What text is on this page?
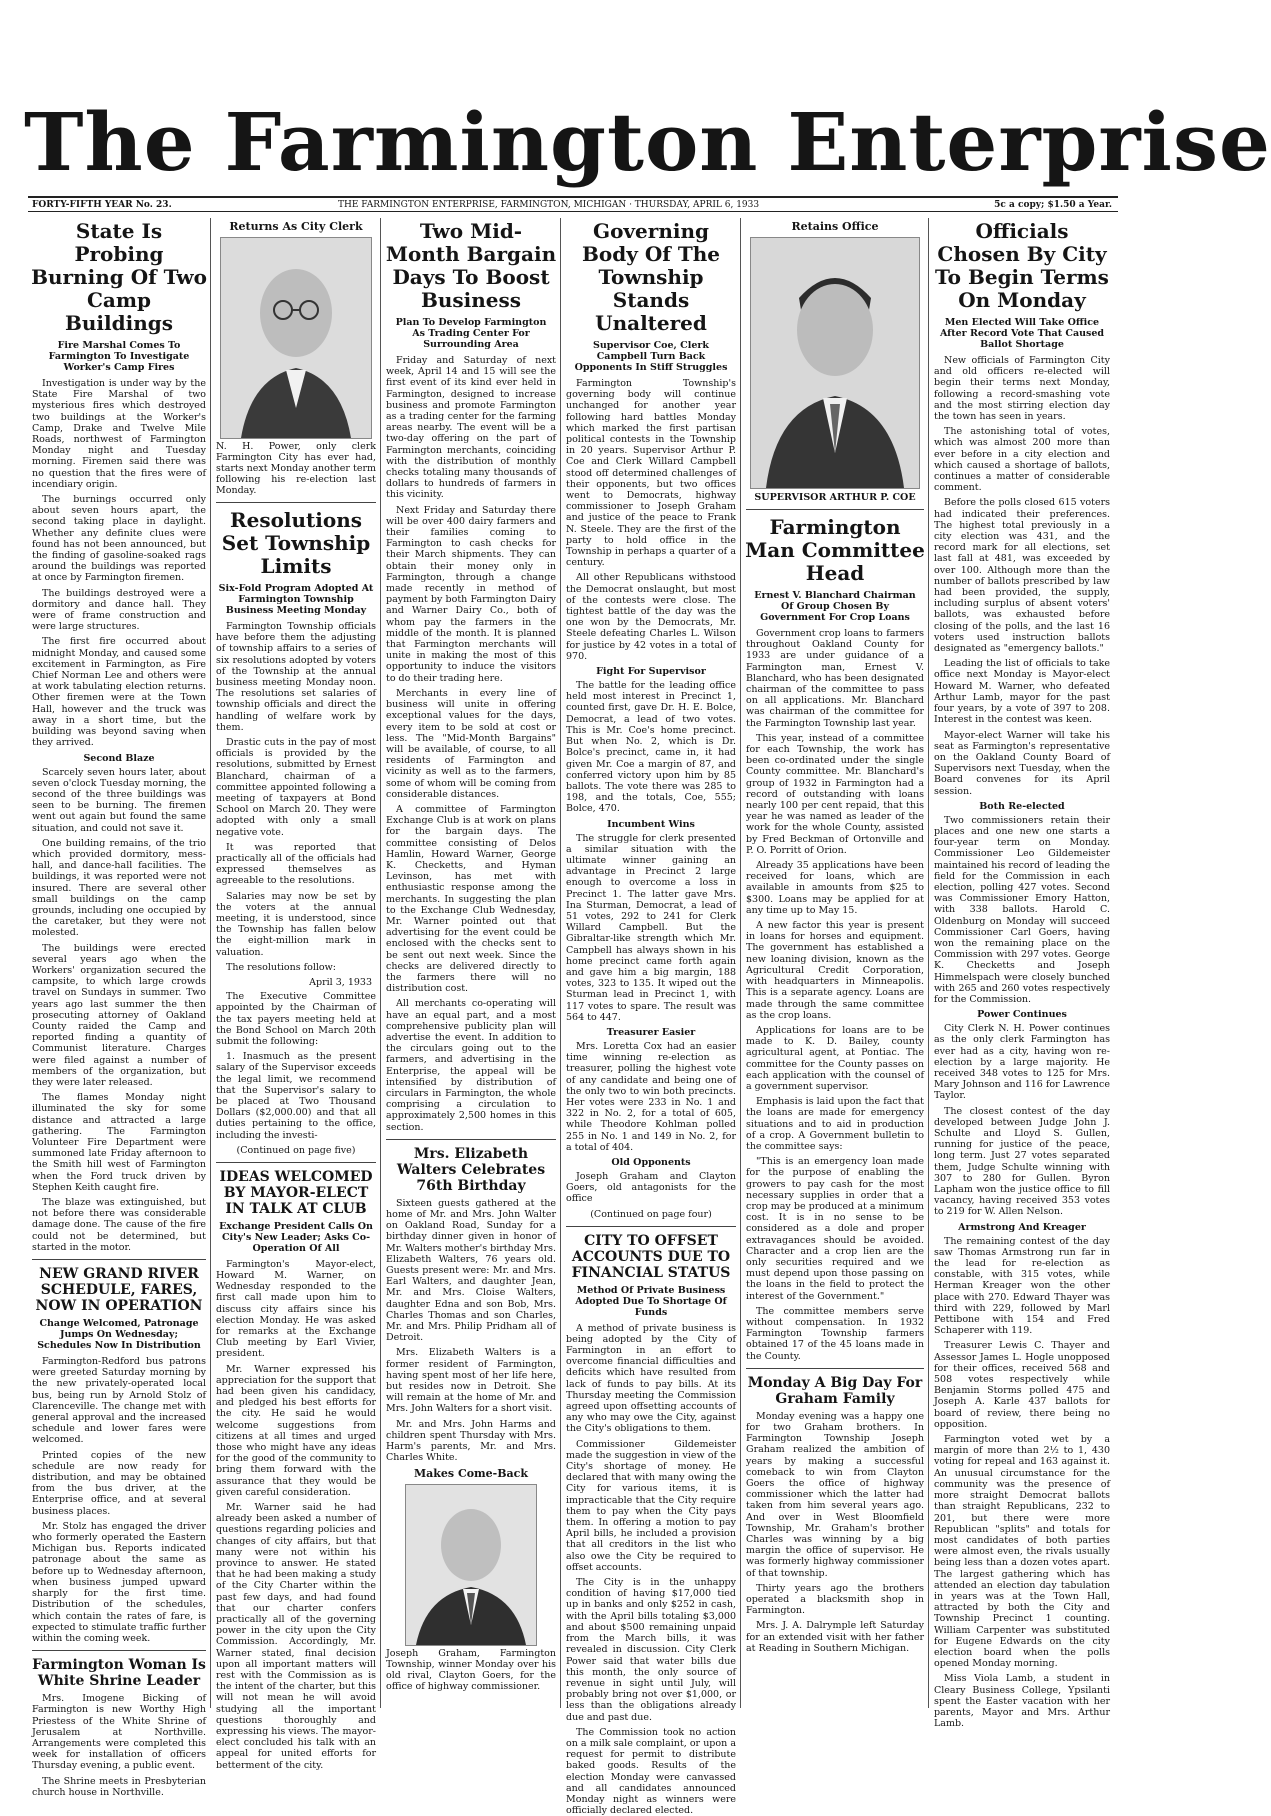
The Farmington Enterprise
FORTY-FIFTH YEAR No. 23.	THE FARMINGTON ENTERPRISE, FARMINGTON, MICHIGAN · THURSDAY, APRIL 6, 1933	5c a copy; $1.50 a Year.
State Is Probing Burning Of Two Camp Buildings
Fire Marshal Comes To Farmington To Investigate Worker's Camp Fires

Investigation is under way by the State Fire Marshal of two mysterious fires which destroyed two buildings at the Worker's Camp, Drake and Twelve Mile Roads, northwest of Farmington Monday night and Tuesday morning. Firemen said there was no question that the fires were of incendiary origin.

The burnings occurred only about seven hours apart, the second taking place in daylight. Whether any definite clues were found has not been announced, but the finding of gasoline-soaked rags around the buildings was reported at once by Farmington firemen.

The buildings destroyed were a dormitory and dance hall. They were of frame construction and were large structures.

The first fire occurred about midnight Monday, and caused some excitement in Farmington, as Fire Chief Norman Lee and others were at work tabulating election returns. Other firemen were at the Town Hall, however and the truck was away in a short time, but the building was beyond saving when they arrived.

Second Blaze

Scarcely seven hours later, about seven o'clock Tuesday morning, the second of the three buildings was seen to be burning. The firemen went out again but found the same situation, and could not save it.

One building remains, of the trio which provided dormitory, mess-hall, and dance-hall facilities. The buildings, it was reported were not insured. There are several other small buildings on the camp grounds, including one occupied by the caretaker, but they were not molested.

The buildings were erected several years ago when the Workers' organization secured the campsite, to which large crowds travel on Sundays in summer. Two years ago last summer the then prosecuting attorney of Oakland County raided the Camp and reported finding a quantity of Communist literature. Charges were filed against a number of members of the organization, but they were later released.

The flames Monday night illuminated the sky for some distance and attracted a large gathering. The Farmington Volunteer Fire Department were summoned late Friday afternoon to the Smith hill west of Farmington when the Ford truck driven by Stephen Keith caught fire.

The blaze was extinguished, but not before there was considerable damage done. The cause of the fire could not be determined, but started in the motor.

NEW GRAND RIVER SCHEDULE, FARES, NOW IN OPERATION
Change Welcomed, Patronage Jumps On Wednesday; Schedules Now In Distribution

Farmington-Redford bus patrons were greeted Saturday morning by the new privately-operated local bus, being run by Arnold Stolz of Clarenceville. The change met with general approval and the increased schedule and lower fares were welcomed.

Printed copies of the new schedule are now ready for distribution, and may be obtained from the bus driver, at the Enterprise office, and at several business places.

Mr. Stolz has engaged the driver who formerly operated the Eastern Michigan bus. Reports indicated patronage about the same as before up to Wednesday afternoon, when business jumped upward sharply for the first time. Distribution of the schedules, which contain the rates of fare, is expected to stimulate traffic further within the coming week.

Farmington Woman Is White Shrine Leader

Mrs. Imogene Bicking of Farmington is new Worthy High Priestess of the White Shrine of Jerusalem at Northville. Arrangements were completed this week for installation of officers Thursday evening, a public event.

The Shrine meets in Presbyterian church house in Northville.

Returns As City Clerk

N. H. Power, only clerk Farmington City has ever had, starts next Monday another term following his re-election last Monday.

Resolutions Set Township Limits
Six-Fold Program Adopted At Farmington Township Business Meeting Monday

Farmington Township officials have before them the adjusting of township affairs to a series of six resolutions adopted by voters of the Township at the annual business meeting Monday noon. The resolutions set salaries of township officials and direct the handling of welfare work by them.

Drastic cuts in the pay of most officials is provided by the resolutions, submitted by Ernest Blanchard, chairman of a committee appointed following a meeting of taxpayers at Bond School on March 20. They were adopted with only a small negative vote.

It was reported that practically all of the officials had expressed themselves as agreeable to the resolutions.

Salaries may now be set by the voters at the annual meeting, it is understood, since the Township has fallen below the eight-million mark in valuation.

The resolutions follow:

April 3, 1933

The Executive Committee appointed by the Chairman of the tax payers meeting held at the Bond School on March 20th submit the following:

1. Inasmuch as the present salary of the Supervisor exceeds the legal limit, we recommend that the Supervisor's salary to be placed at Two Thousand Dollars ($2,000.00) and that all duties pertaining to the office, including the investi-

(Continued on page five)
IDEAS WELCOMED BY MAYOR-ELECT IN TALK AT CLUB
Exchange President Calls On City's New Leader; Asks Co-Operation Of All

Farmington's Mayor-elect, Howard M. Warner, on Wednesday responded to the first call made upon him to discuss city affairs since his election Monday. He was asked for remarks at the Exchange Club meeting by Earl Vivier, president.

Mr. Warner expressed his appreciation for the support that had been given his candidacy, and pledged his best efforts for the city. He said he would welcome suggestions from citizens at all times and urged those who might have any ideas for the good of the community to bring them forward with the assurance that they would be given careful consideration.

Mr. Warner said he had already been asked a number of questions regarding policies and changes of city affairs, but that many were not within his province to answer. He stated that he had been making a study of the City Charter within the past few days, and had found that our charter confers practically all of the governing power in the city upon the City Commission. Accordingly, Mr. Warner stated, final decision upon all important matters will rest with the Commission as is the intent of the charter, but this will not mean he will avoid studying all the important questions thoroughly and expressing his views. The mayor-elect concluded his talk with an appeal for united efforts for betterment of the city.

Two Mid-Month Bargain Days To Boost Business
Plan To Develop Farmington As Trading Center For Surrounding Area

Friday and Saturday of next week, April 14 and 15 will see the first event of its kind ever held in Farmington, designed to increase business and promote Farmington as a trading center for the farming areas nearby. The event will be a two-day offering on the part of Farmington merchants, coinciding with the distribution of monthly checks totaling many thousands of dollars to hundreds of farmers in this vicinity.

Next Friday and Saturday there will be over 400 dairy farmers and their families coming to Farmington to cash checks for their March shipments. They can obtain their money only in Farmington, through a change made recently in method of payment by both Farmington Dairy and Warner Dairy Co., both of whom pay the farmers in the middle of the month. It is planned that Farmington merchants will unite in making the most of this opportunity to induce the visitors to do their trading here.

Merchants in every line of business will unite in offering exceptional values for the days, every item to be sold at cost or less. The "Mid-Month Bargains" will be available, of course, to all residents of Farmington and vicinity as well as to the farmers, some of whom will be coming from considerable distances.

A committee of Farmington Exchange Club is at work on plans for the bargain days. The committee consisting of Delos Hamlin, Howard Warner, George K. Checketts, and Hyman Levinson, has met with enthusiastic response among the merchants. In suggesting the plan to the Exchange Club Wednesday, Mr. Warner pointed out that advertising for the event could be enclosed with the checks sent to be sent out next week. Since the checks are delivered directly to the farmers there will no distribution cost.

All merchants co-operating will have an equal part, and a most comprehensive publicity plan will advertise the event. In addition to the circulars going out to the farmers, and advertising in the Enterprise, the appeal will be intensified by distribution of circulars in Farmington, the whole comprising a circulation to approximately 2,500 homes in this section.

Mrs. Elizabeth Walters Celebrates 76th Birthday

Sixteen guests gathered at the home of Mr. and Mrs. John Walter on Oakland Road, Sunday for a birthday dinner given in honor of Mr. Walters mother's birthday Mrs. Elizabeth Walters, 76 years old. Guests present were: Mr. and Mrs. Earl Walters, and daughter Jean, Mr. and Mrs. Cloise Walters, daughter Edna and son Bob, Mrs. Charles Thomas and son Charles, Mr. and Mrs. Philip Pridham all of Detroit.

Mrs. Elizabeth Walters is a former resident of Farmington, having spent most of her life here, but resides now in Detroit. She will remain at the home of Mr. and Mrs. John Walters for a short visit.

Mr. and Mrs. John Harms and children spent Thursday with Mrs. Harm's parents, Mr. and Mrs. Charles White.

Makes Come-Back

Joseph Graham, Farmington Township, winner Monday over his old rival, Clayton Goers, for the office of highway commissioner.

Governing Body Of The Township Stands Unaltered
Supervisor Coe, Clerk Campbell Turn Back Opponents In Stiff Struggles

Farmington Township's governing body will continue unchanged for another year following hard battles Monday which marked the first partisan political contests in the Township in 20 years. Supervisor Arthur P. Coe and Clerk Willard Campbell stood off determined challenges of their opponents, but two offices went to Democrats, highway commissioner to Joseph Graham and justice of the peace to Frank N. Steele. They are the first of the party to hold office in the Township in perhaps a quarter of a century.

All other Republicans withstood the Democrat onslaught, but most of the contests were close. The tightest battle of the day was the one won by the Democrats, Mr. Steele defeating Charles L. Wilson for justice by 42 votes in a total of 970.

Fight For Supervisor

The battle for the leading office held most interest in Precinct 1, counted first, gave Dr. H. E. Bolce, Democrat, a lead of two votes. This is Mr. Coe's home precinct. But when No. 2, which is Dr. Bolce's precinct, came in, it had given Mr. Coe a margin of 87, and conferred victory upon him by 85 ballots. The vote there was 285 to 198, and the totals, Coe, 555; Bolce, 470.

Incumbent Wins

The struggle for clerk presented a similar situation with the ultimate winner gaining an advantage in Precinct 2 large enough to overcome a loss in Precinct 1. The latter gave Mrs. Ina Sturman, Democrat, a lead of 51 votes, 292 to 241 for Clerk Willard Campbell. But the Gibraltar-like strength which Mr. Campbell has always shown in his home precinct came forth again and gave him a big margin, 188 votes, 323 to 135. It wiped out the Sturman lead in Precinct 1, with 117 votes to spare. The result was 564 to 447.

Treasurer Easier

Mrs. Loretta Cox had an easier time winning re-election as treasurer, polling the highest vote of any candidate and being one of the only two to win both precincts. Her votes were 233 in No. 1 and 322 in No. 2, for a total of 605, while Theodore Kohlman polled 255 in No. 1 and 149 in No. 2, for a total of 404.

Old Opponents

Joseph Graham and Clayton Goers, old antagonists for the office

(Continued on page four)
CITY TO OFFSET ACCOUNTS DUE TO FINANCIAL STATUS
Method Of Private Business Adopted Due To Shortage Of Funds

A method of private business is being adopted by the City of Farmington in an effort to overcome financial difficulties and deficits which have resulted from lack of funds to pay bills. At its Thursday meeting the Commission agreed upon offsetting accounts of any who may owe the City, against the City's obligations to them.

Commissioner Gildemeister made the suggestion in view of the City's shortage of money. He declared that with many owing the City for various items, it is impracticable that the City require them to pay when the City pays them. In offering a motion to pay April bills, he included a provision that all creditors in the list who also owe the City be required to offset accounts.

The City is in the unhappy condition of having $17,000 tied up in banks and only $252 in cash, with the April bills totaling $3,000 and about $500 remaining unpaid from the March bills, it was revealed in discussion. City Clerk Power said that water bills due this month, the only source of revenue in sight until July, will probably bring not over $1,000, or less than the obligations already due and past due.

The Commission took no action on a milk sale complaint, or upon a request for permit to distribute baked goods. Results of the election Monday were canvassed and all candidates announced Monday night as winners were officially declared elected.

Retains Office
SUPERVISOR ARTHUR P. COE
Farmington Man Committee Head
Ernest V. Blanchard Chairman Of Group Chosen By Government For Crop Loans

Government crop loans to farmers throughout Oakland County for 1933 are under guidance of a Farmington man, Ernest V. Blanchard, who has been designated chairman of the committee to pass on all applications. Mr. Blanchard was chairman of the committee for the Farmington Township last year.

This year, instead of a committee for each Township, the work has been co-ordinated under the single County committee. Mr. Blanchard's group of 1932 in Farmington had a record of outstanding with loans nearly 100 per cent repaid, that this year he was named as leader of the work for the whole County, assisted by Fred Beckman of Ortonville and P. O. Porritt of Orion.

Already 35 applications have been received for loans, which are available in amounts from $25 to $300. Loans may be applied for at any time up to May 15.

A new factor this year is present in loans for horses and equipment. The government has established a new loaning division, known as the Agricultural Credit Corporation, with headquarters in Minneapolis. This is a separate agency. Loans are made through the same committee as the crop loans.

Applications for loans are to be made to K. D. Bailey, county agricultural agent, at Pontiac. The committee for the County passes on each application with the counsel of a government supervisor.

Emphasis is laid upon the fact that the loans are made for emergency situations and to aid in production of a crop. A Government bulletin to the committee says:

"This is an emergency loan made for the purpose of enabling the growers to pay cash for the most necessary supplies in order that a crop may be produced at a minimum cost. It is in no sense to be considered as a dole and proper extravagances should be avoided. Character and a crop lien are the only securities required and we must depend upon those passing on the loans in the field to protect the interest of the Government."

The committee members serve without compensation. In 1932 Farmington Township farmers obtained 17 of the 45 loans made in the County.

Monday A Big Day For Graham Family

Monday evening was a happy one for two Graham brothers. In Farmington Township Joseph Graham realized the ambition of years by making a successful comeback to win from Clayton Goers the office of highway commissioner which the latter had taken from him several years ago. And over in West Bloomfield Township, Mr. Graham's brother Charles was winning by a big margin the office of supervisor. He was formerly highway commissioner of that township.

Thirty years ago the brothers operated a blacksmith shop in Farmington.

Mrs. J. A. Dalrymple left Saturday for an extended visit with her father at Reading in Southern Michigan.

Officials Chosen By City To Begin Terms On Monday
Men Elected Will Take Office After Record Vote That Caused Ballot Shortage

New officials of Farmington City and old officers re-elected will begin their terms next Monday, following a record-smashing vote and the most stirring election day the town has seen in years.

The astonishing total of votes, which was almost 200 more than ever before in a city election and which caused a shortage of ballots, continues a matter of considerable comment.

Before the polls closed 615 voters had indicated their preferences. The highest total previously in a city election was 431, and the record mark for all elections, set last fall at 481, was exceeded by over 100. Although more than the number of ballots prescribed by law had been provided, the supply, including surplus of absent voters' ballots, was exhausted before closing of the polls, and the last 16 voters used instruction ballots designated as "emergency ballots."

Leading the list of officials to take office next Monday is Mayor-elect Howard M. Warner, who defeated Arthur Lamb, mayor for the past four years, by a vote of 397 to 208. Interest in the contest was keen.

Mayor-elect Warner will take his seat as Farmington's representative on the Oakland County Board of Supervisors next Tuesday, when the Board convenes for its April session.

Both Re-elected

Two commissioners retain their places and one new one starts a four-year term on Monday. Commissioner Leo Gildemeister maintained his record of leading the field for the Commission in each election, polling 427 votes. Second was Commissioner Emory Hatton, with 338 ballots. Harold C. Oldenburg on Monday will succeed Commissioner Carl Goers, having won the remaining place on the Commission with 297 votes. George K. Checketts and Joseph Himmelspach were closely bunched with 265 and 260 votes respectively for the Commission.

Power Continues

City Clerk N. H. Power continues as the only clerk Farmington has ever had as a city, having won re-election by a large majority. He received 348 votes to 125 for Mrs. Mary Johnson and 116 for Lawrence Taylor.

The closest contest of the day developed between Judge John J. Schulte and Lloyd S. Gullen, running for justice of the peace, long term. Just 27 votes separated them, Judge Schulte winning with 307 to 280 for Gullen. Byron Lapham won the justice office to fill vacancy, having received 353 votes to 219 for W. Allen Nelson.

Armstrong And Kreager

The remaining contest of the day saw Thomas Armstrong run far in the lead for re-election as constable, with 315 votes, while Herman Kreager won the other place with 270. Edward Thayer was third with 229, followed by Marl Pettibone with 154 and Fred Schaperer with 119.

Treasurer Lewis C. Thayer and Assessor James L. Hogle unopposed for their offices, received 568 and 508 votes respectively while Benjamin Storms polled 475 and Joseph A. Karle 437 ballots for board of review, there being no opposition.

Farmington voted wet by a margin of more than 2½ to 1, 430 voting for repeal and 163 against it. An unusual circumstance for the community was the presence of more straight Democrat ballots than straight Republicans, 232 to 201, but there were more Republican "splits" and totals for most candidates of both parties were almost even, the rivals usually being less than a dozen votes apart. The largest gathering which has attended an election day tabulation in years was at the Town Hall, attracted by both the City and Township Precinct 1 counting. William Carpenter was substituted for Eugene Edwards on the city election board when the polls opened Monday morning.

Miss Viola Lamb, a student in Cleary Business College, Ypsilanti spent the Easter vacation with her parents, Mayor and Mrs. Arthur Lamb.
